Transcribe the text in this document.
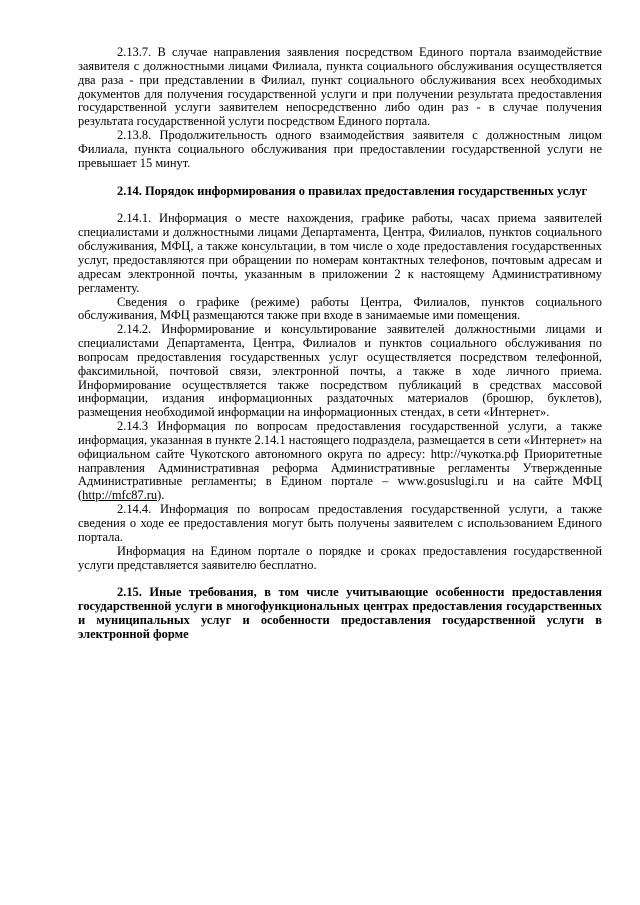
2.13.7. В случае направления заявления посредством Единого портала взаимодействие заявителя с должностными лицами Филиала, пункта социального обслуживания осуществляется два раза - при представлении в Филиал, пункт социального обслуживания всех необходимых документов для получения государственной услуги и при получении результата предоставления государственной услуги заявителем непосредственно либо один раз - в случае получения результата государственной услуги посредством Единого портала.

2.13.8. Продолжительность одного взаимодействия заявителя с должностным лицом Филиала, пункта социального обслуживания при предоставлении государственной услуги не превышает 15 минут.

2.14. Порядок информирования о правилах предоставления государственных услуг

2.14.1. Информация о месте нахождения, графике работы, часах приема заявителей специалистами и должностными лицами Департамента, Центра, Филиалов, пунктов социального обслуживания, МФЦ, а также консультации, в том числе о ходе предоставления государственных услуг, предоставляются при обращении по номерам контактных телефонов, почтовым адресам и адресам электронной почты, указанным в приложении 2 к настоящему Административному регламенту.

Сведения о графике (режиме) работы Центра, Филиалов, пунктов социального обслуживания, МФЦ размещаются также при входе в занимаемые ими помещения.

2.14.2. Информирование и консультирование заявителей должностными лицами и специалистами Департамента, Центра, Филиалов и пунктов социального обслуживания по вопросам предоставления государственных услуг осуществляется посредством телефонной, факсимильной, почтовой связи, электронной почты, а также в ходе личного приема. Информирование осуществляется также посредством публикаций в средствах массовой информации, издания информационных раздаточных материалов (брошюр, буклетов), размещения необходимой информации на информационных стендах, в сети «Интернет».

2.14.3 Информация по вопросам предоставления государственной услуги, а также информация, указанная в пункте 2.14.1 настоящего подраздела, размещается в сети «Интернет» на официальном сайте Чукотского автономного округа по адресу: http://чукотка.рф Приоритетные направления Административная реформа Административные регламенты Утвержденные Административные регламенты; в Едином портале – www.gosuslugi.ru и на сайте МФЦ (http://mfc87.ru).

2.14.4. Информация по вопросам предоставления государственной услуги, а также сведения о ходе ее предоставления могут быть получены заявителем с использованием Единого портала.

Информация на Едином портале о порядке и сроках предоставления государственной услуги представляется заявителю бесплатно.

2.15. Иные требования, в том числе учитывающие особенности предоставления государственной услуги в многофункциональных центрах предоставления государственных и муниципальных услуг и особенности предоставления государственной услуги в электронной форме
